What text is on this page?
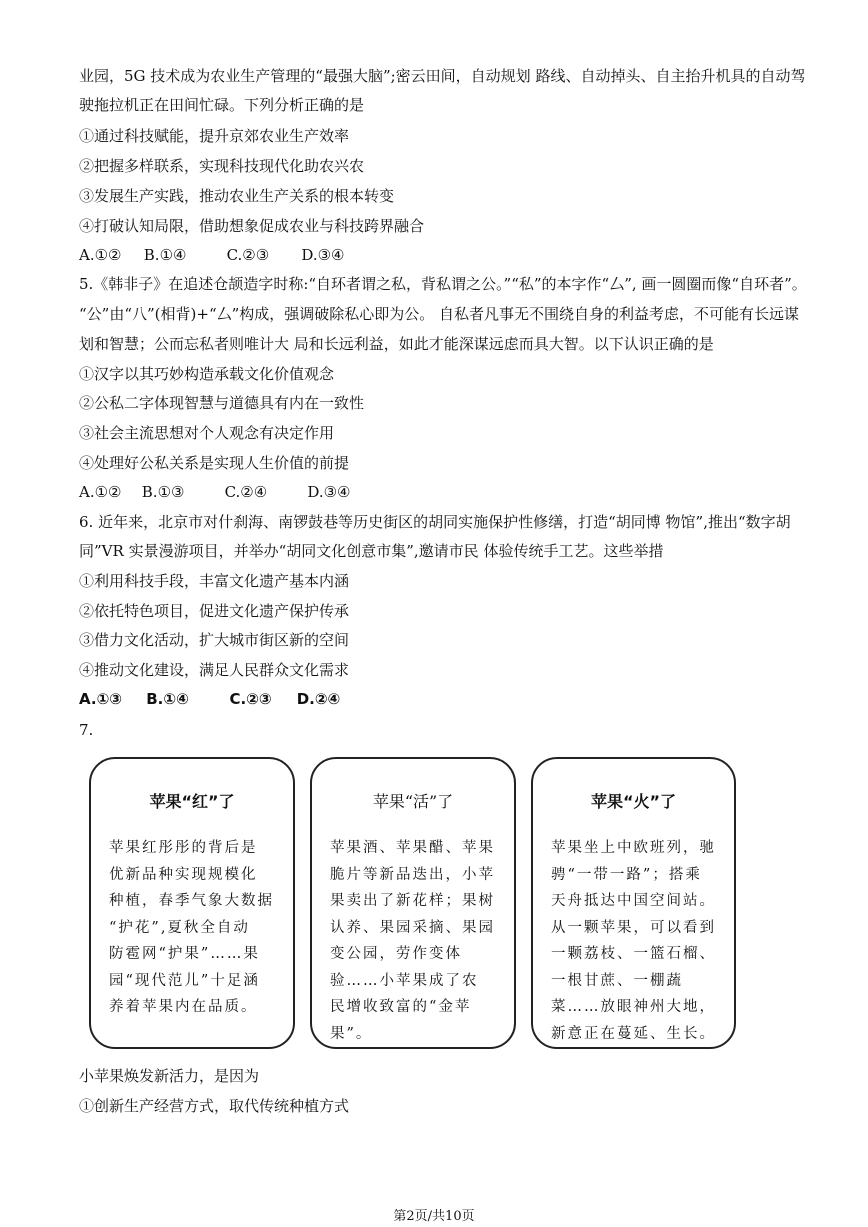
业园，5G 技术成为农业生产管理的“最强大脑”;密云田间，自动规划 路线、自动掉头、自主抬升机具的自动驾
驶拖拉机正在田间忙碌。下列分析正确的是
①通过科技赋能，提升京郊农业生产效率
②把握多样联系，实现科技现代化助农兴农
③发展生产实践，推动农业生产关系的根本转变
④打破认知局限，借助想象促成农业与科技跨界融合
A.①② B.①④	C.②③ D.③④
5.《韩非子》在追述仓颉造字时称:“自环者谓之私，背私谓之公。”“私”的本字作“厶”, 画一圆圈而像“自环者”。
“公”由“八”(相背)+“厶”构成，强调破除私心即为公。 自私者凡事无不围绕自身的利益考虑，不可能有长远谋
划和智慧；公而忘私者则唯计大 局和长远利益，如此才能深谋远虑而具大智。以下认识正确的是
①汉字以其巧妙构造承载文化价值观念
②公私二字体现智慧与道德具有内在一致性
③社会主流思想对个人观念有决定作用
④处理好公私关系是实现人生价值的前提
A.①② B.①③	C.②④	D.③④
6. 近年来，北京市对什刹海、南锣鼓巷等历史街区的胡同实施保护性修缮，打造“胡同博 物馆”,推出“数字胡
同”VR 实景漫游项目，并举办“胡同文化创意市集”,邀请市民 体验传统手工艺。这些举措
①利用科技手段，丰富文化遗产基本内涵
②依托特色项目，促进文化遗产保护传承
③借力文化活动，扩大城市街区新的空间
④推动文化建设，满足人民群众文化需求
A.①③ B.①④	C.②③ D.②④
7.
苹果“红”了
苹果红彤彤的背后是
优新品种实现规模化
种植，春季气象大数据
“护花”,夏秋全自动
防雹网“护果”……果
园“现代范儿”十足涵
养着苹果内在品质。
苹果“活”了
苹果酒、苹果醋、苹果
脆片等新品迭出，小苹
果卖出了新花样；果树
认养、果园采摘、果园
变公园，劳作变体
验……小苹果成了农
民增收致富的“金苹
果”。
苹果“火”了
苹果坐上中欧班列，驰
骋“一带一路”；搭乘
天舟抵达中国空间站。
从一颗苹果，可以看到
一颗荔枝、一篮石榴、
一根甘蔗、一棚蔬
菜……放眼神州大地，
新意正在蔓延、生长。
小苹果焕发新活力，是因为
①创新生产经营方式，取代传统种植方式
第2页/共10页
